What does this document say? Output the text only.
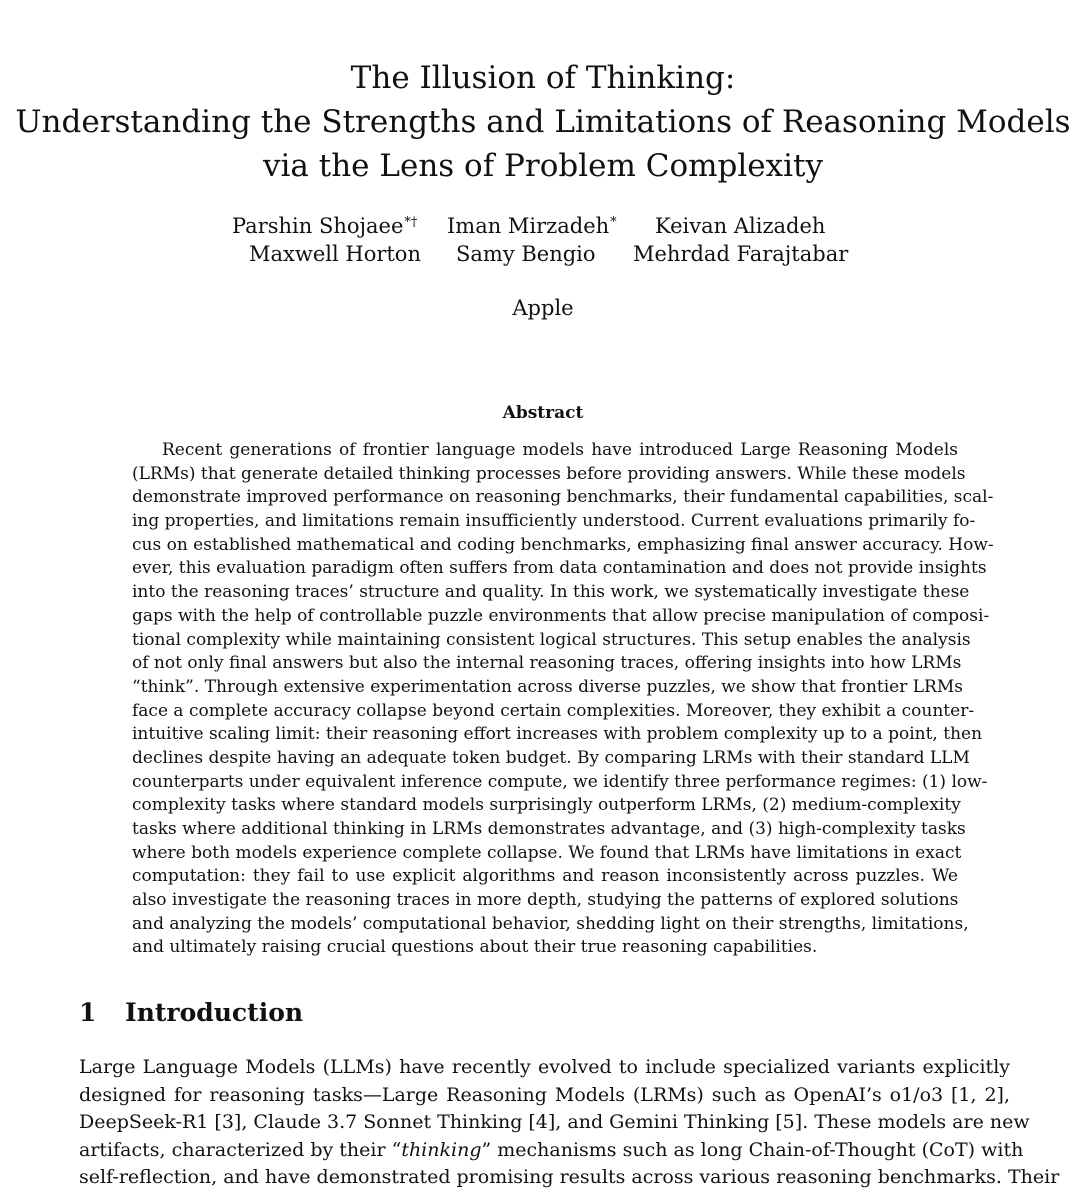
The Illusion of Thinking:
Understanding the Strengths and Limitations of Reasoning Models
via the Lens of Problem Complexity
Parshin Shojaee*† Iman Mirzadeh* Keivan Alizadeh
Maxwell Horton Samy Bengio Mehrdad Farajtabar
Apple
Abstract
Recent generations of frontier language models have introduced Large Reasoning Models
(LRMs) that generate detailed thinking processes before providing answers. While these models
demonstrate improved performance on reasoning benchmarks, their fundamental capabilities, scal-
ing properties, and limitations remain insufficiently understood. Current evaluations primarily fo-
cus on established mathematical and coding benchmarks, emphasizing final answer accuracy. How-
ever, this evaluation paradigm often suffers from data contamination and does not provide insights
into the reasoning traces’ structure and quality. In this work, we systematically investigate these
gaps with the help of controllable puzzle environments that allow precise manipulation of composi-
tional complexity while maintaining consistent logical structures. This setup enables the analysis
of not only final answers but also the internal reasoning traces, offering insights into how LRMs
“think”. Through extensive experimentation across diverse puzzles, we show that frontier LRMs
face a complete accuracy collapse beyond certain complexities. Moreover, they exhibit a counter-
intuitive scaling limit: their reasoning effort increases with problem complexity up to a point, then
declines despite having an adequate token budget. By comparing LRMs with their standard LLM
counterparts under equivalent inference compute, we identify three performance regimes: (1) low-
complexity tasks where standard models surprisingly outperform LRMs, (2) medium-complexity
tasks where additional thinking in LRMs demonstrates advantage, and (3) high-complexity tasks
where both models experience complete collapse. We found that LRMs have limitations in exact
computation: they fail to use explicit algorithms and reason inconsistently across puzzles. We
also investigate the reasoning traces in more depth, studying the patterns of explored solutions
and analyzing the models’ computational behavior, shedding light on their strengths, limitations,
and ultimately raising crucial questions about their true reasoning capabilities.
1 Introduction
Large Language Models (LLMs) have recently evolved to include specialized variants explicitly
designed for reasoning tasks—Large Reasoning Models (LRMs) such as OpenAI’s o1/o3 [1, 2],
DeepSeek-R1 [3], Claude 3.7 Sonnet Thinking [4], and Gemini Thinking [5]. These models are new
artifacts, characterized by their “thinking” mechanisms such as long Chain-of-Thought (CoT) with
self-reflection, and have demonstrated promising results across various reasoning benchmarks. Their
